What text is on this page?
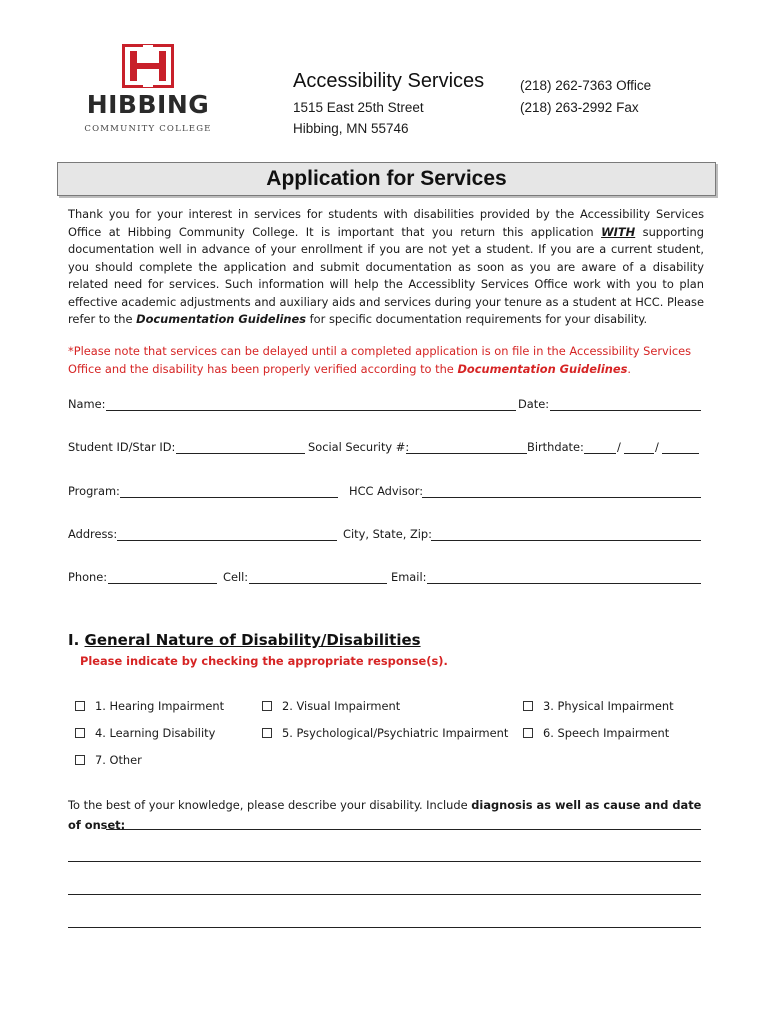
HIBBING
COMMUNITY COLLEGE
Accessibility Services
1515 East 25th Street
Hibbing, MN 55746
(218) 262-7363 Office
(218) 263-2992 Fax
Application for Services
Thank you for your interest in services for students with disabilities provided by the Accessibility Services Office at Hibbing Community College. It is important that you return this application WITH supporting documentation well in advance of your enrollment if you are not yet a student. If you are a current student, you should complete the application and submit documentation as soon as you are aware of a disability related need for services. Such information will help the Accessiblity Services Office work with you to plan effective academic adjustments and auxiliary aids and services during your tenure as a student at HCC. Please refer to the Documentation Guidelines for specific documentation requirements for your disability.
*Please note that services can be delayed until a completed application is on file in the Accessibility Services Office and the disability has been properly verified according to the Documentation Guidelines.
Name:	Date:
Student ID/Star ID:	Social Security #:	Birthdate:	/	/
Program:	HCC Advisor:
Address:	City, State, Zip:
Phone:	Cell:	Email:
I. General Nature of Disability/Disabilities
Please indicate by checking the appropriate response(s).
1. Hearing Impairment	2. Visual Impairment	3. Physical Impairment
4. Learning Disability	5. Psychological/Psychiatric Impairment	6. Speech Impairment
7. Other
To the best of your knowledge, please describe your disability. Include diagnosis as well as cause and date of onset:
